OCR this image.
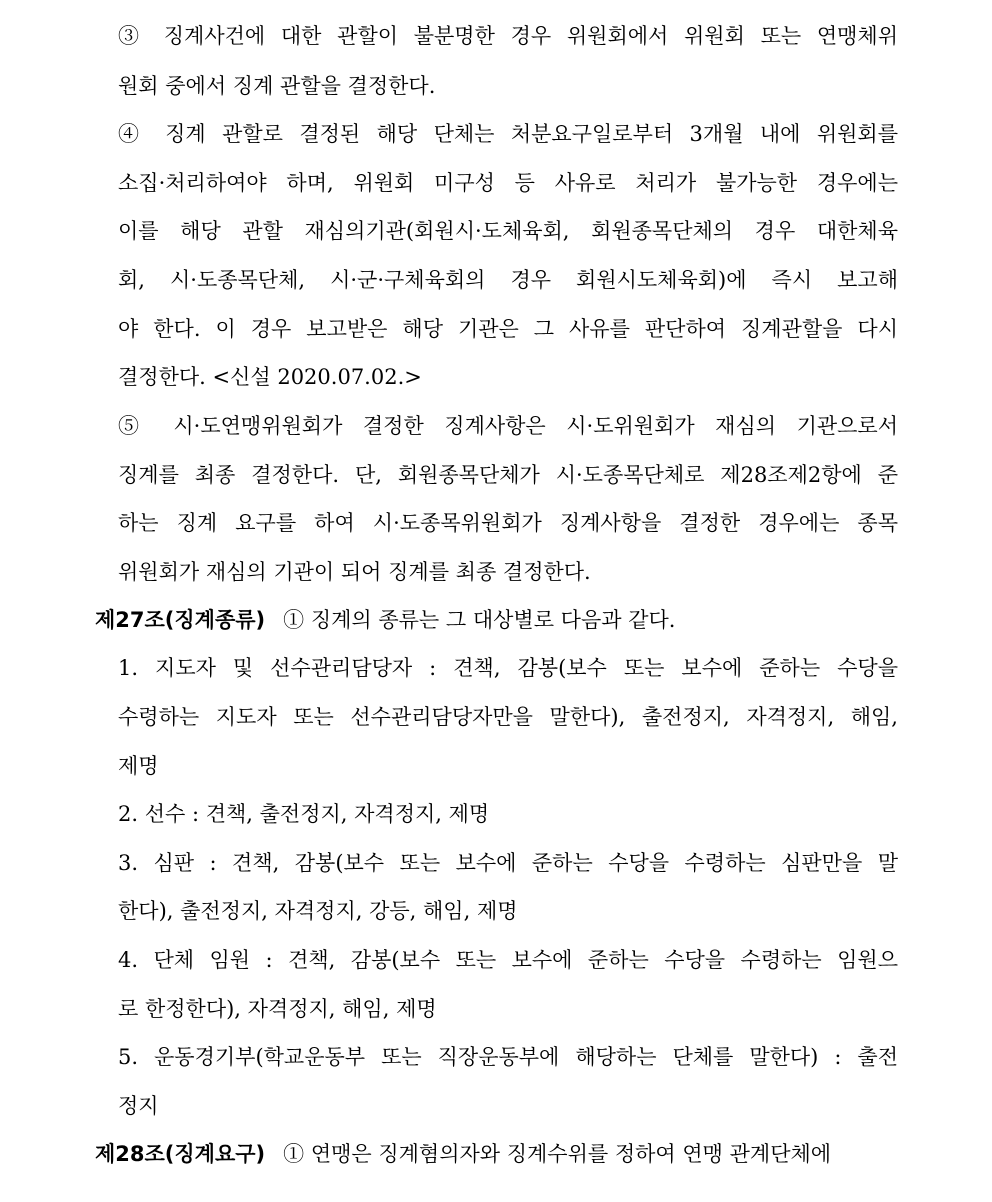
③ 징계사건에 대한 관할이 불분명한 경우 위원회에서 위원회 또는 연맹체위
원회 중에서 징계 관할을 결정한다.
④ 징계 관할로 결정된 해당 단체는 처분요구일로부터 3개월 내에 위원회를
소집·처리하여야 하며, 위원회 미구성 등 사유로 처리가 불가능한 경우에는
이를 해당 관할 재심의기관(회원시·도체육회, 회원종목단체의 경우 대한체육
회, 시·도종목단체, 시·군·구체육회의 경우 회원시도체육회)에 즉시 보고해
야 한다. 이 경우 보고받은 해당 기관은 그 사유를 판단하여 징계관할을 다시
결정한다. <신설 2020.07.02.>
⑤ 시·도연맹위원회가 결정한 징계사항은 시·도위원회가 재심의 기관으로서
징계를 최종 결정한다. 단, 회원종목단체가 시·도종목단체로 제28조제2항에 준
하는 징계 요구를 하여 시·도종목위원회가 징계사항을 결정한 경우에는 종목
위원회가 재심의 기관이 되어 징계를 최종 결정한다.
제27조(징계종류) ① 징계의 종류는 그 대상별로 다음과 같다.
1. 지도자 및 선수관리담당자 : 견책, 감봉(보수 또는 보수에 준하는 수당을
수령하는 지도자 또는 선수관리담당자만을 말한다), 출전정지, 자격정지, 해임,
제명
2. 선수 : 견책, 출전정지, 자격정지, 제명
3. 심판 : 견책, 감봉(보수 또는 보수에 준하는 수당을 수령하는 심판만을 말
한다), 출전정지, 자격정지, 강등, 해임, 제명
4. 단체 임원 : 견책, 감봉(보수 또는 보수에 준하는 수당을 수령하는 임원으
로 한정한다), 자격정지, 해임, 제명
5. 운동경기부(학교운동부 또는 직장운동부에 해당하는 단체를 말한다) : 출전
정지
제28조(징계요구) ① 연맹은 징계혐의자와 징계수위를 정하여 연맹 관계단체에
